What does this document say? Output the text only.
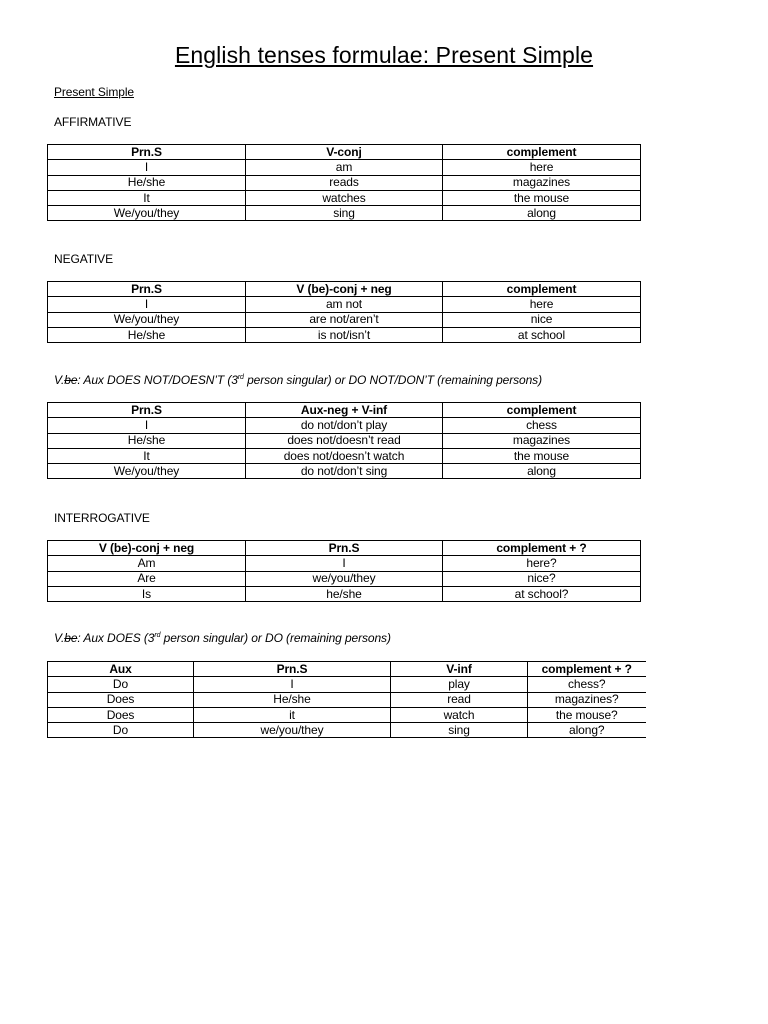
English tenses formulae: Present Simple
Present Simple
AFFIRMATIVE
Prn.S	V-conj	complement
I	am	here
He/she	reads	magazines
It	watches	the mouse
We/you/they	sing	along
NEGATIVE
Prn.S	V (be)-conj + neg	complement
I	am not	here
We/you/they	are not/aren’t	nice
He/she	is not/isn’t	at school
V.be: Aux DOES NOT/DOESN’T (3rd person singular) or DO NOT/DON’T (remaining persons)
Prn.S	Aux-neg + V-inf	complement
I	do not/don’t play	chess
He/she	does not/doesn’t read	magazines
It	does not/doesn’t watch	the mouse
We/you/they	do not/don’t sing	along
INTERROGATIVE
V (be)-conj + neg	Prn.S	complement + ?
Am	I	here?
Are	we/you/they	nice?
Is	he/she	at school?
V.be: Aux DOES (3rd person singular) or DO (remaining persons)
Aux	Prn.S	V-inf	complement + ?
Do	I	play	chess?
Does	He/she	read	magazines?
Does	it	watch	the mouse?
Do	we/you/they	sing	along?
